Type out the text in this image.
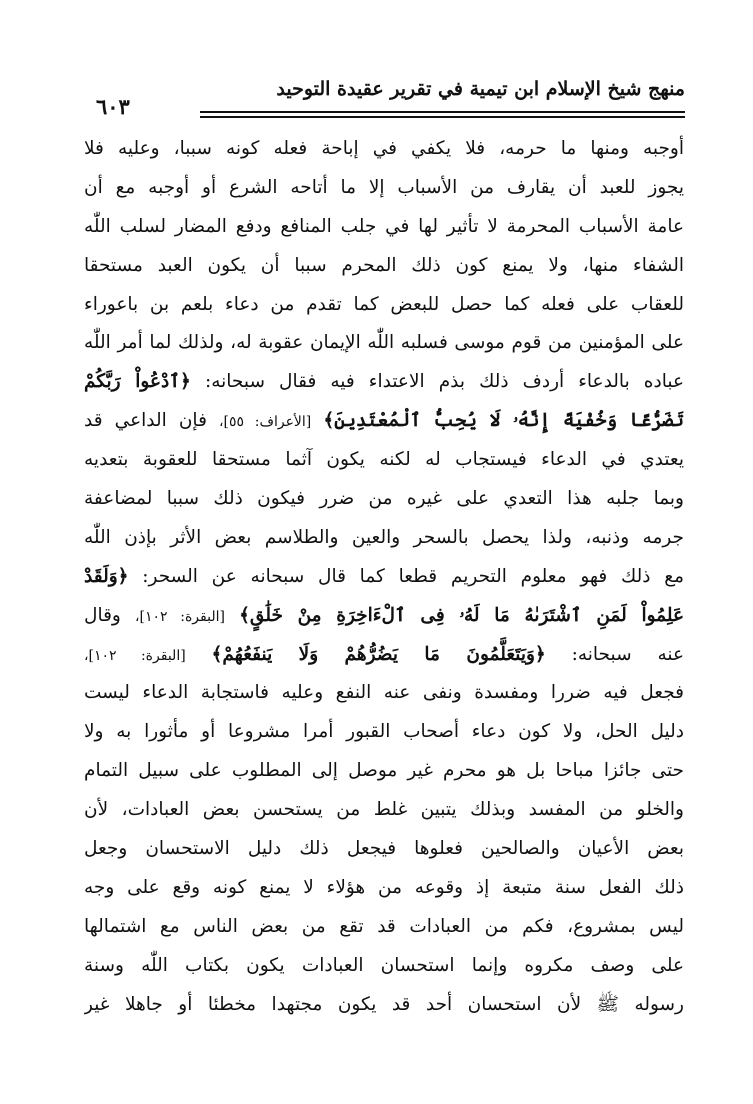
منهج شيخ الإسلام ابن تيمية في تقرير عقيدة التوحيد
٦٠٣
أوجبه ومنها ما حرمه، فلا يكفي في إباحة فعله كونه سببا، وعليه فلا
يجوز للعبد أن يقارف من الأسباب إلا ما أتاحه الشرع أو أوجبه مع أن
عامة الأسباب المحرمة لا تأثير لها في جلب المنافع ودفع المضار لسلب اللّٰه
الشفاء منها، ولا يمنع كون ذلك المحرم سببا أن يكون العبد مستحقا
للعقاب على فعله كما حصل للبعض كما تقدم من دعاء بلعم بن باعوراء
على المؤمنين من قوم موسى فسلبه اللّٰه الإيمان عقوبة له، ولذلك لما أمر اللّٰه
عباده بالدعاء أردف ذلك بذم الاعتداء فيه فقال سبحانه: ﴿ٱدْعُواْ رَبَّكُمْ
تَضَرُّعًا وَخُفْيَةً إِنَّهُۥ لَا يُحِبُّ ٱلْمُعْتَدِينَ﴾ [الأعراف: ٥٥]، فإن الداعي قد
يعتدي في الدعاء فيستجاب له لكنه يكون آثما مستحقا للعقوبة بتعديه
وبما جلبه هذا التعدي على غيره من ضرر فيكون ذلك سببا لمضاعفة
جرمه وذنبه، ولذا يحصل بالسحر والعين والطلاسم بعض الأثر بإذن اللّٰه
مع ذلك فهو معلوم التحريم قطعا كما قال سبحانه عن السحر: ﴿وَلَقَدْ
عَلِمُواْ لَمَنِ ٱشْتَرَىٰهُ مَا لَهُۥ فِى ٱلْءَاخِرَةِ مِنْ خَلَٰقٍ﴾ [البقرة: ١٠٢]، وقال
عنه سبحانه: ﴿وَيَتَعَلَّمُونَ مَا يَضُرُّهُمْ وَلَا يَنفَعُهُمْ﴾ [البقرة: ١٠٢]،
فجعل فيه ضررا ومفسدة ونفى عنه النفع وعليه فاستجابة الدعاء ليست
دليل الحل، ولا كون دعاء أصحاب القبور أمرا مشروعا أو مأثورا به ولا
حتى جائزا مباحا بل هو محرم غير موصل إلى المطلوب على سبيل التمام
والخلو من المفسد وبذلك يتبين غلط من يستحسن بعض العبادات، لأن
بعض الأعيان والصالحين فعلوها فيجعل ذلك دليل الاستحسان وجعل
ذلك الفعل سنة متبعة إذ وقوعه من هؤلاء لا يمنع كونه وقع على وجه
ليس بمشروع، فكم من العبادات قد تقع من بعض الناس مع اشتمالها
على وصف مكروه وإنما استحسان العبادات يكون بكتاب اللّٰه وسنة
رسوله ﷺ لأن استحسان أحد قد يكون مجتهدا مخطئا أو جاهلا غير
